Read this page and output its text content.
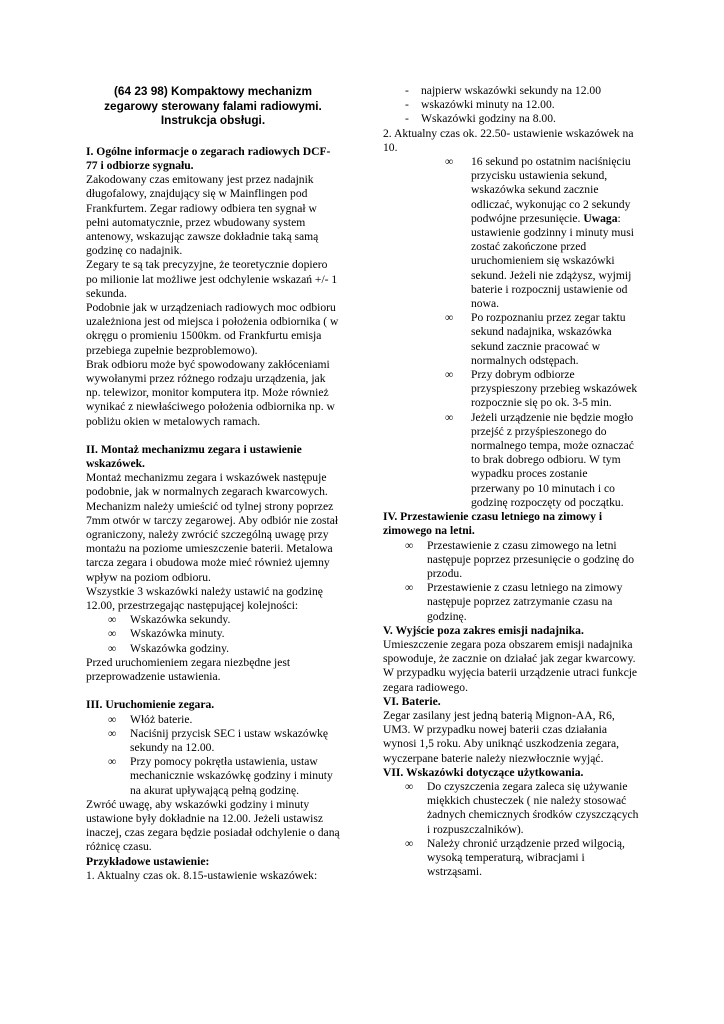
(64 23 98) Kompaktowy mechanizm zegarowy sterowany falami radiowymi. Instrukcja obsługi.

I. Ogólne informacje o zegarach radiowych DCF-77 i odbiorze sygnału.

Zakodowany czas emitowany jest przez nadajnik długofalowy, znajdujący się w Mainflingen pod Frankfurtem. Zegar radiowy odbiera ten sygnał w pełni automatycznie, przez wbudowany system antenowy, wskazując zawsze dokładnie taką samą godzinę co nadajnik.

Zegary te są tak precyzyjne, że teoretycznie dopiero po milionie lat możliwe jest odchylenie wskazań +/- 1 sekunda.

Podobnie jak w urządzeniach radiowych moc odbioru uzależniona jest od miejsca i położenia odbiornika ( w okręgu o promieniu 1500km. od Frankfurtu emisja przebiega zupełnie bezproblemowo).

Brak odbioru może być spowodowany zakłóceniami wywołanymi przez różnego rodzaju urządzenia, jak np. telewizor, monitor komputera itp. Może również wynikać z niewłaściwego położenia odbiornika np. w pobliżu okien w metalowych ramach.

II. Montaż mechanizmu zegara i ustawienie wskazówek.

Montaż mechanizmu zegara i wskazówek następuje podobnie, jak w normalnych zegarach kwarcowych. Mechanizm należy umieścić od tylnej strony poprzez 7mm otwór w tarczy zegarowej. Aby odbiór nie został ograniczony, należy zwrócić szczególną uwagę przy montażu na poziome umieszczenie baterii. Metalowa tarcza zegara i obudowa może mieć również ujemny wpływ na poziom odbioru.

Wszystkie 3 wskazówki należy ustawić na godzinę 12.00, przestrzegając następującej kolejności:

∞ Wskazówka sekundy.
∞ Wskazówka minuty.
∞ Wskazówka godziny.

Przed uruchomieniem zegara niezbędne jest przeprowadzenie ustawienia.

III. Uruchomienie zegara.

∞ Włóż baterie.
∞ Naciśnij przycisk SEC i ustaw wskazówkę sekundy na 12.00.
∞ Przy pomocy pokrętła ustawienia, ustaw mechanicznie wskazówkę godziny i minuty na akurat upływającą pełną godzinę.

Zwróć uwagę, aby wskazówki godziny i minuty ustawione były dokładnie na 12.00. Jeżeli ustawisz inaczej, czas zegara będzie posiadał odchylenie o daną różnicę czasu.

Przykładowe ustawienie:

1. Aktualny czas ok. 8.15-ustawienie wskazówek:

- najpierw wskazówki sekundy na 12.00
- wskazówki minuty na 12.00.
- Wskazówki godziny na 8.00.

2. Aktualny czas ok. 22.50- ustawienie wskazówek na 10.

∞ 16 sekund po ostatnim naciśnięciu przycisku ustawienia sekund, wskazówka sekund zacznie odliczać, wykonując co 2 sekundy podwójne przesunięcie. Uwaga: ustawienie godzinny i minuty musi zostać zakończone przed uruchomieniem się wskazówki sekund. Jeżeli nie zdążysz, wyjmij baterie i rozpocznij ustawienie od nowa.
∞ Po rozpoznaniu przez zegar taktu sekund nadajnika, wskazówka sekund zacznie pracować w normalnych odstępach.
∞ Przy dobrym odbiorze przyspieszony przebieg wskazówek rozpocznie się po ok. 3-5 min.
∞ Jeżeli urządzenie nie będzie mogło przejść z przyśpieszonego do normalnego tempa, może oznaczać to brak dobrego odbioru. W tym wypadku proces zostanie przerwany po 10 minutach i co godzinę rozpoczęty od początku.

IV. Przestawienie czasu letniego na zimowy i zimowego na letni.

∞ Przestawienie z czasu zimowego na letni następuje poprzez przesunięcie o godzinę do przodu.
∞ Przestawienie z czasu letniego na zimowy następuje poprzez zatrzymanie czasu na godzinę.

V. Wyjście poza zakres emisji nadajnika.

Umieszczenie zegara poza obszarem emisji nadajnika spowoduje, że zacznie on działać jak zegar kwarcowy. W przypadku wyjęcia baterii urządzenie utraci funkcje zegara radiowego.

VI. Baterie.

Zegar zasilany jest jedną baterią Mignon-AA, R6, UM3. W przypadku nowej baterii czas działania wynosi 1,5 roku. Aby uniknąć uszkodzenia zegara, wyczerpane baterie należy niezwłocznie wyjąć.

VII. Wskazówki dotyczące użytkowania.

∞ Do czyszczenia zegara zaleca się używanie miękkich chusteczek ( nie należy stosować żadnych chemicznych środków czyszczących i rozpuszczalników).
∞ Należy chronić urządzenie przed wilgocią, wysoką temperaturą, wibracjami i wstrząsami.
